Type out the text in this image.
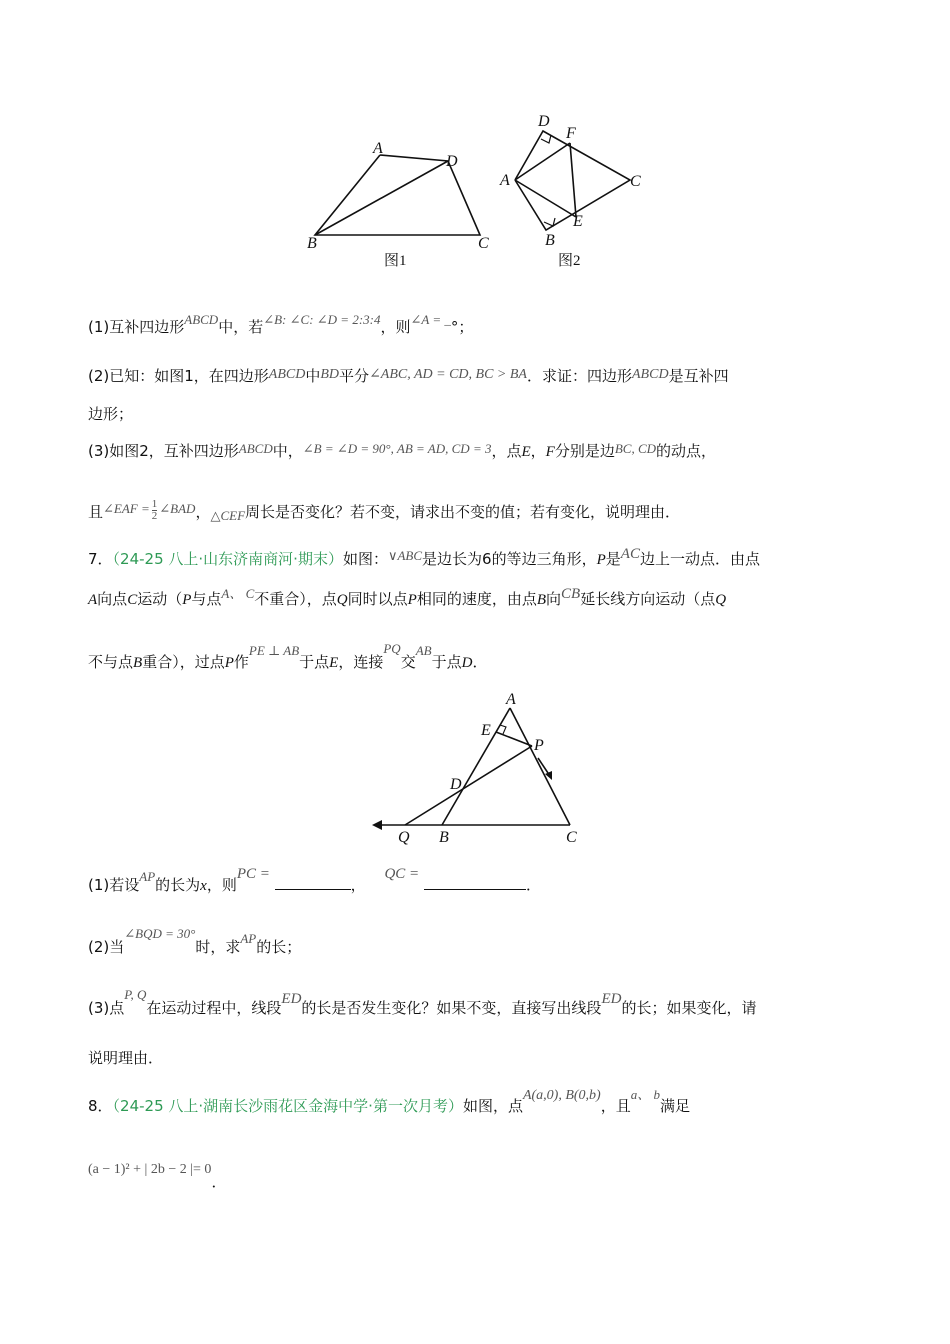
A
D
B	C
D
F
A	C
E
B
图1	图2
(1)互补四边形ABCD中，若∠B: ∠C: ∠D = 2:3:4，则∠A = _°；
(2)已知：如图1，在四边形ABCD中BD平分∠ABC, AD = CD, BC > BA．求证：四边形ABCD是互补四
边形；
(3)如图2，互补四边形ABCD中，∠B = ∠D = 90°, AB = AD, CD = 3，点E，F分别是边BC, CD的动点，
且∠EAF = $\frac{1}{2}$ ∠BAD，△CEF周长是否变化？若不变，请求出不变的值；若有变化，说明理由．
7．（24-25 八上·山东济南商河·期末）如图：∨ABC是边长为6的等边三角形，P是AC边上一动点．由点
A向点C运动（P与点A、 C不重合），点Q同时以点P相同的速度，由点B向CB延长线方向运动（点Q
不与点B重合），过点P作PE ⊥ AB于点E，连接PQ交AB于点D．
A
E
P
D
Q B	C
(1)若设AP的长为x，则PC = ， QC = ．
(2)当∠BQD = 30°时，求AP的长；
(3)点P, Q在运动过程中，线段ED的长是否发生变化？如果不变，直接写出线段ED的长；如果变化，请
说明理由．
8．（24-25 八上·湖南长沙雨花区金海中学·第一次月考）如图，点A(a,0), B(0,b)，且a、 b满足
(a − 1)² + | 2b − 2 |= 0．
